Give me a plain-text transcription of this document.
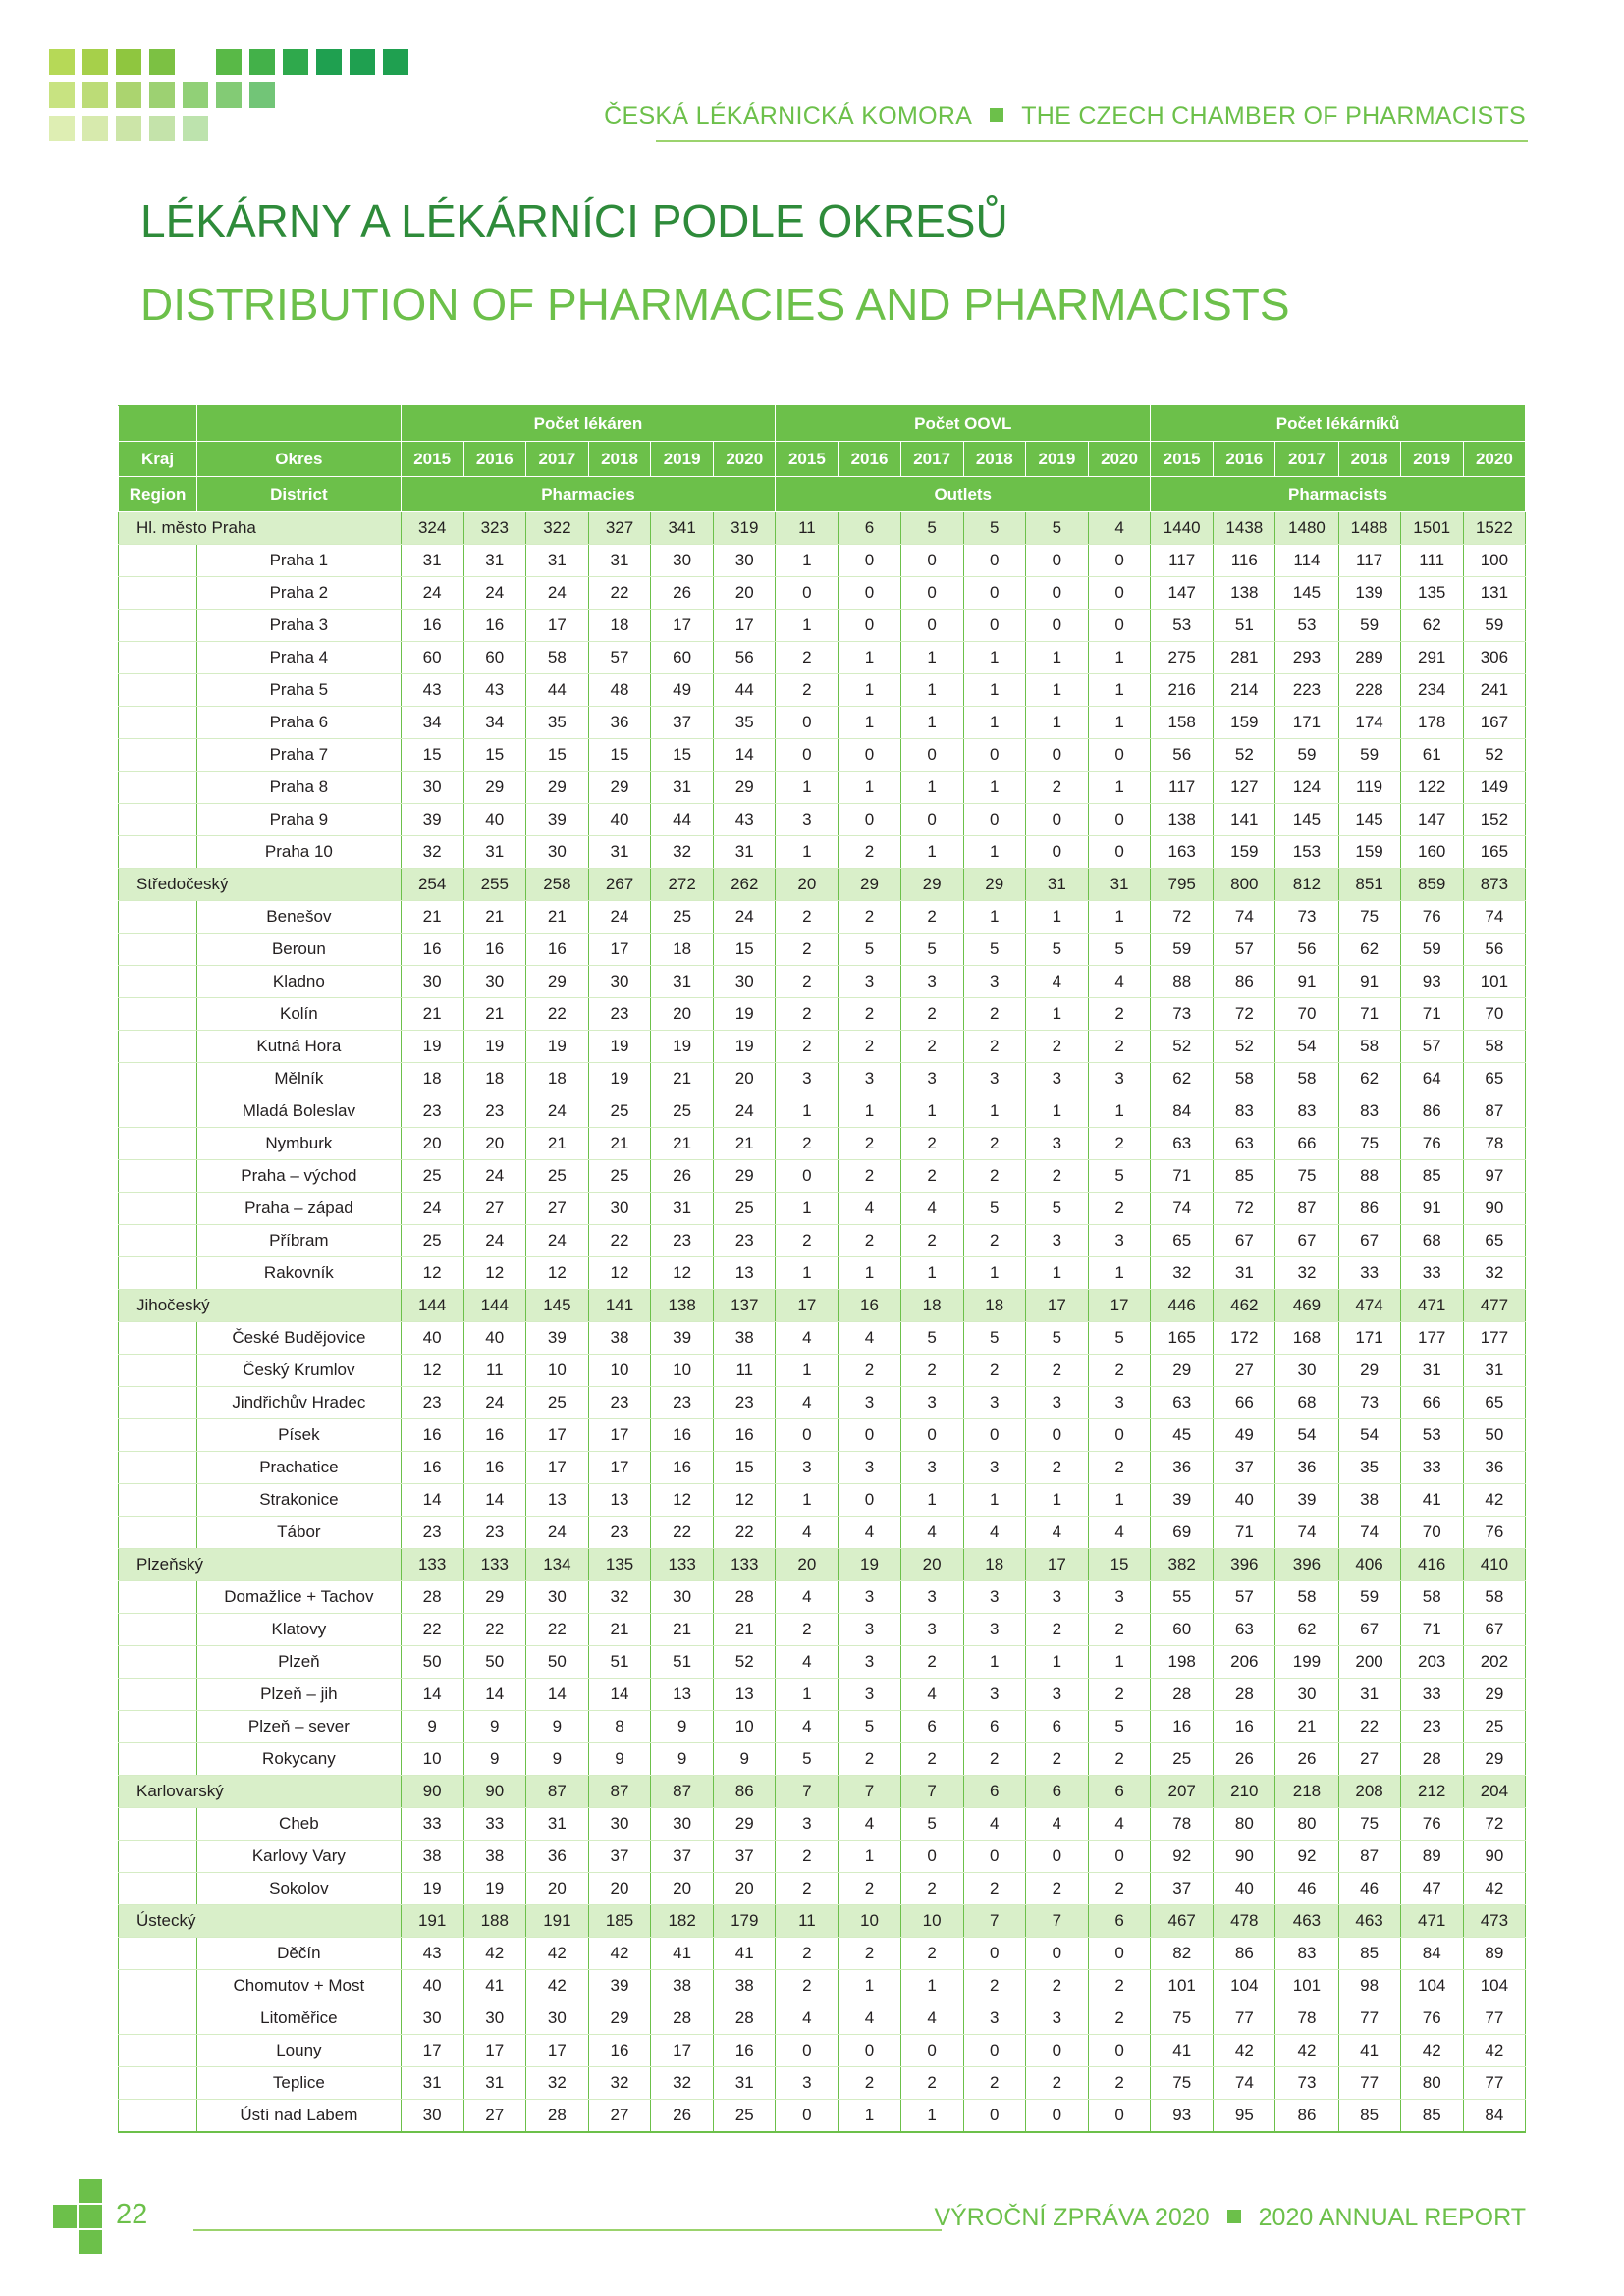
ČESKÁ LÉKÁRNICKÁ KOMORA THE CZECH CHAMBER OF PHARMACISTS
LÉKÁRNY A LÉKÁRNÍCI PODLE OKRESŮ
DISTRIBUTION OF PHARMACIES AND PHARMACISTS
		Počet lékáren						Počet OOVL						Počet lékárníků					
Kraj	Okres	2015	2016	2017	2018	2019	2020	2015	2016	2017	2018	2019	2020	2015	2016	2017	2018	2019	2020
Region	District	Pharmacies						Outlets						Pharmacists					
Hl. město Praha		324	323	322	327	341	319	11	6	5	5	5	4	1440	1438	1480	1488	1501	1522
	Praha 1	31	31	31	31	30	30	1	0	0	0	0	0	117	116	114	117	111	100
	Praha 2	24	24	24	22	26	20	0	0	0	0	0	0	147	138	145	139	135	131
	Praha 3	16	16	17	18	17	17	1	0	0	0	0	0	53	51	53	59	62	59
	Praha 4	60	60	58	57	60	56	2	1	1	1	1	1	275	281	293	289	291	306
	Praha 5	43	43	44	48	49	44	2	1	1	1	1	1	216	214	223	228	234	241
	Praha 6	34	34	35	36	37	35	0	1	1	1	1	1	158	159	171	174	178	167
	Praha 7	15	15	15	15	15	14	0	0	0	0	0	0	56	52	59	59	61	52
	Praha 8	30	29	29	29	31	29	1	1	1	1	2	1	117	127	124	119	122	149
	Praha 9	39	40	39	40	44	43	3	0	0	0	0	0	138	141	145	145	147	152
	Praha 10	32	31	30	31	32	31	1	2	1	1	0	0	163	159	153	159	160	165
Středočeský		254	255	258	267	272	262	20	29	29	29	31	31	795	800	812	851	859	873
	Benešov	21	21	21	24	25	24	2	2	2	1	1	1	72	74	73	75	76	74
	Beroun	16	16	16	17	18	15	2	5	5	5	5	5	59	57	56	62	59	56
	Kladno	30	30	29	30	31	30	2	3	3	3	4	4	88	86	91	91	93	101
	Kolín	21	21	22	23	20	19	2	2	2	2	1	2	73	72	70	71	71	70
	Kutná Hora	19	19	19	19	19	19	2	2	2	2	2	2	52	52	54	58	57	58
	Mělník	18	18	18	19	21	20	3	3	3	3	3	3	62	58	58	62	64	65
	Mladá Boleslav	23	23	24	25	25	24	1	1	1	1	1	1	84	83	83	83	86	87
	Nymburk	20	20	21	21	21	21	2	2	2	2	3	2	63	63	66	75	76	78
	Praha – východ	25	24	25	25	26	29	0	2	2	2	2	5	71	85	75	88	85	97
	Praha – západ	24	27	27	30	31	25	1	4	4	5	5	2	74	72	87	86	91	90
	Příbram	25	24	24	22	23	23	2	2	2	2	3	3	65	67	67	67	68	65
	Rakovník	12	12	12	12	12	13	1	1	1	1	1	1	32	31	32	33	33	32
Jihočeský		144	144	145	141	138	137	17	16	18	18	17	17	446	462	469	474	471	477
	České Budějovice	40	40	39	38	39	38	4	4	5	5	5	5	165	172	168	171	177	177
	Český Krumlov	12	11	10	10	10	11	1	2	2	2	2	2	29	27	30	29	31	31
	Jindřichův Hradec	23	24	25	23	23	23	4	3	3	3	3	3	63	66	68	73	66	65
	Písek	16	16	17	17	16	16	0	0	0	0	0	0	45	49	54	54	53	50
	Prachatice	16	16	17	17	16	15	3	3	3	3	2	2	36	37	36	35	33	36
	Strakonice	14	14	13	13	12	12	1	0	1	1	1	1	39	40	39	38	41	42
	Tábor	23	23	24	23	22	22	4	4	4	4	4	4	69	71	74	74	70	76
Plzeňský		133	133	134	135	133	133	20	19	20	18	17	15	382	396	396	406	416	410
	Domažlice + Tachov	28	29	30	32	30	28	4	3	3	3	3	3	55	57	58	59	58	58
	Klatovy	22	22	22	21	21	21	2	3	3	3	2	2	60	63	62	67	71	67
	Plzeň	50	50	50	51	51	52	4	3	2	1	1	1	198	206	199	200	203	202
	Plzeň – jih	14	14	14	14	13	13	1	3	4	3	3	2	28	28	30	31	33	29
	Plzeň – sever	9	9	9	8	9	10	4	5	6	6	6	5	16	16	21	22	23	25
	Rokycany	10	9	9	9	9	9	5	2	2	2	2	2	25	26	26	27	28	29
Karlovarský		90	90	87	87	87	86	7	7	7	6	6	6	207	210	218	208	212	204
	Cheb	33	33	31	30	30	29	3	4	5	4	4	4	78	80	80	75	76	72
	Karlovy Vary	38	38	36	37	37	37	2	1	0	0	0	0	92	90	92	87	89	90
	Sokolov	19	19	20	20	20	20	2	2	2	2	2	2	37	40	46	46	47	42
Ústecký		191	188	191	185	182	179	11	10	10	7	7	6	467	478	463	463	471	473
	Děčín	43	42	42	42	41	41	2	2	2	0	0	0	82	86	83	85	84	89
	Chomutov + Most	40	41	42	39	38	38	2	1	1	2	2	2	101	104	101	98	104	104
	Litoměřice	30	30	30	29	28	28	4	4	4	3	3	2	75	77	78	77	76	77
	Louny	17	17	17	16	17	16	0	0	0	0	0	0	41	42	42	41	42	42
	Teplice	31	31	32	32	32	31	3	2	2	2	2	2	75	74	73	77	80	77
	Ústí nad Labem	30	27	28	27	26	25	0	1	1	0	0	0	93	95	86	85	85	84
22	VÝROČNÍ ZPRÁVA 2020 2020 ANNUAL REPORT
